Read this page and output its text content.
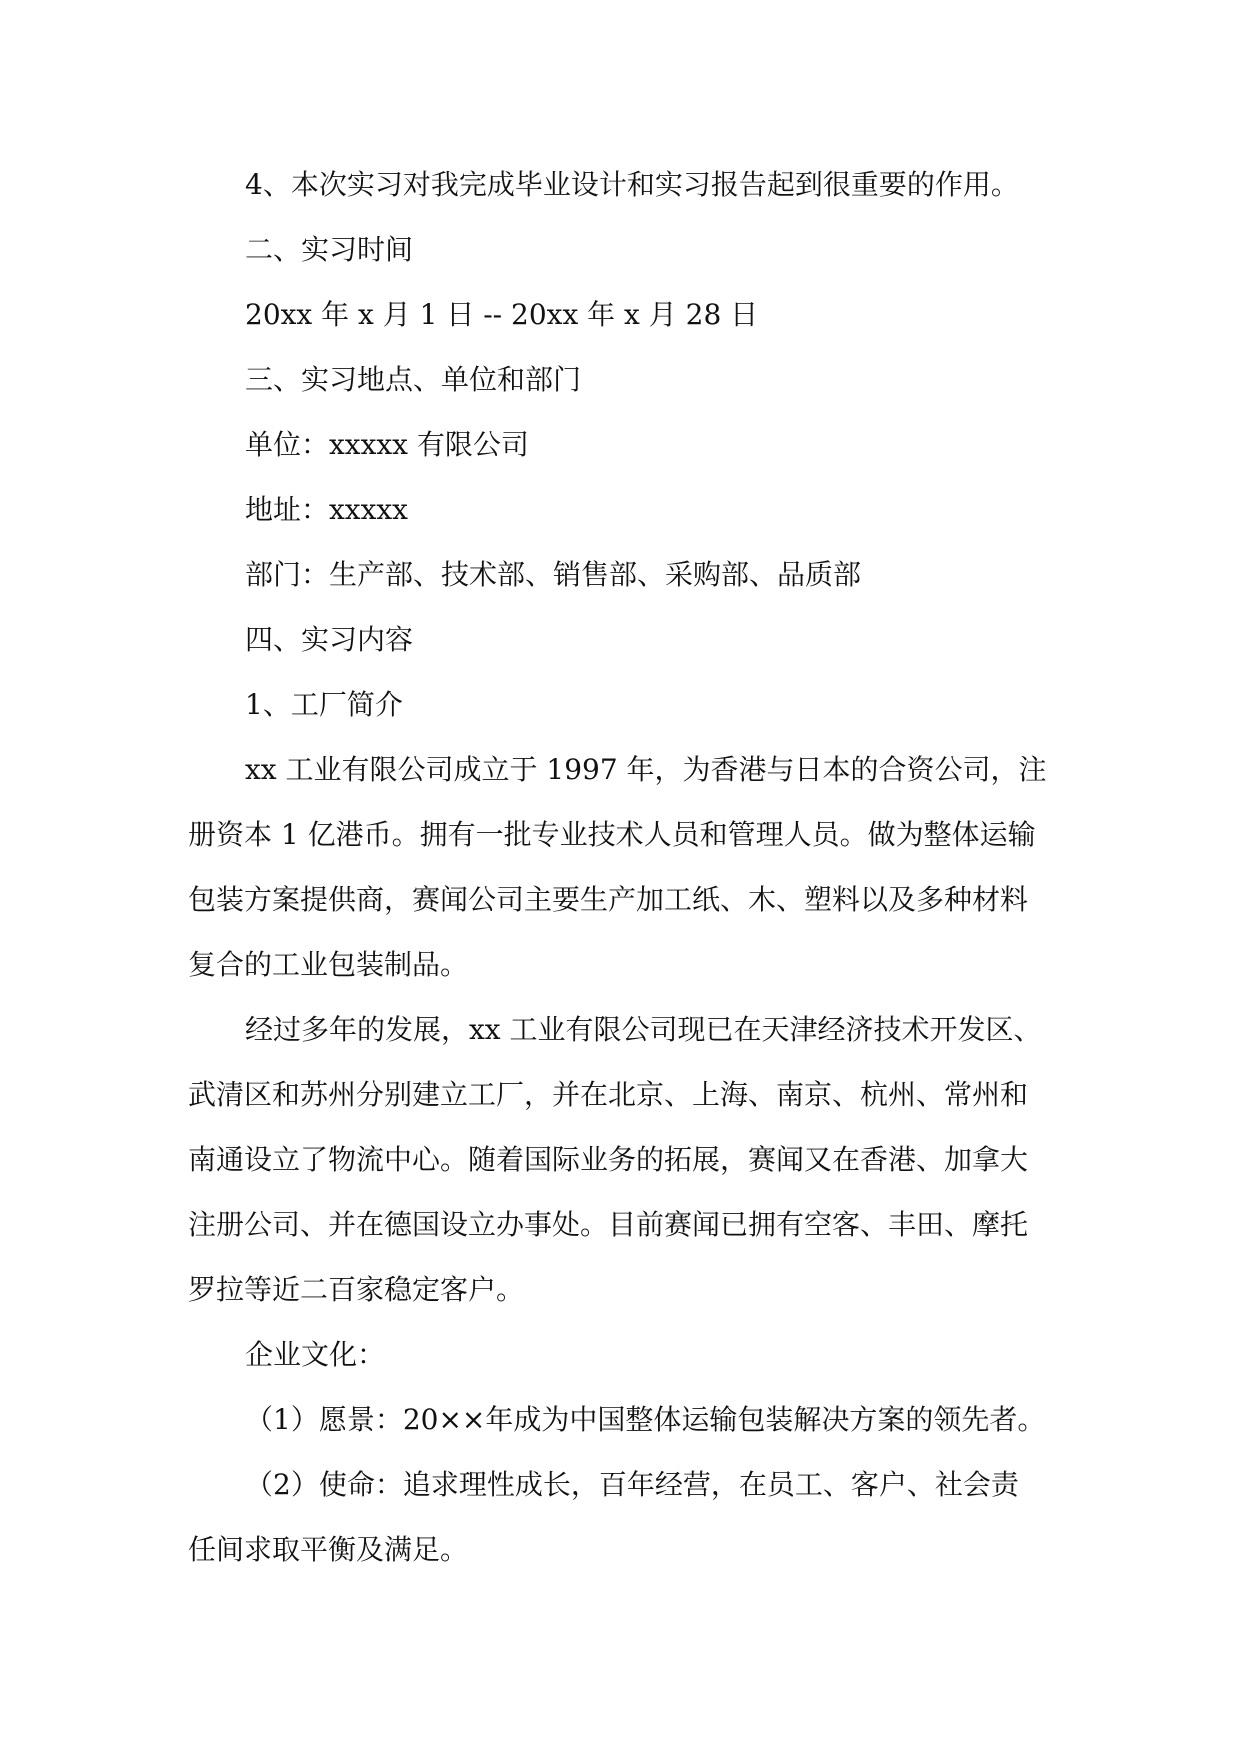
4、本次实习对我完成毕业设计和实习报告起到很重要的作用。

二、实习时间

20xx 年 x 月 1 日 -- 20xx 年 x 月 28 日

三、实习地点、单位和部门

单位：xxxxx 有限公司

地址：xxxxx

部门：生产部、技术部、销售部、采购部、品质部

四、实习内容

1、工厂简介

xx 工业有限公司成立于 1997 年，为香港与日本的合资公司，注

册资本 1 亿港币。拥有一批专业技术人员和管理人员。做为整体运输

包装方案提供商，赛闻公司主要生产加工纸、木、塑料以及多种材料

复合的工业包装制品。

经过多年的发展，xx 工业有限公司现已在天津经济技术开发区、

武清区和苏州分别建立工厂，并在北京、上海、南京、杭州、常州和

南通设立了物流中心。随着国际业务的拓展，赛闻又在香港、加拿大

注册公司、并在德国设立办事处。目前赛闻已拥有空客、丰田、摩托

罗拉等近二百家稳定客户。

企业文化：

（1）愿景：20××年成为中国整体运输包装解决方案的领先者。

（2）使命：追求理性成长，百年经营，在员工、客户、社会责

任间求取平衡及满足。
